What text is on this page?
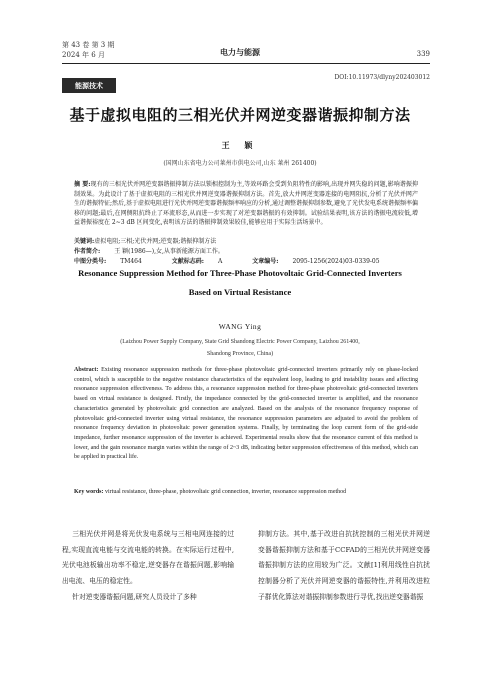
第 43 卷 第 3 期
2024 年 6 月	电力与能源	339
能源技术
DOI:10.11973/dlyny202403012
基于虚拟电阻的三相光伏并网逆变器谐振抑制方法
王 颖
(国网山东省电力公司莱州市供电公司,山东 莱州 261400)
摘 要:现有的三相光伏并网逆变器谐振抑制方法以锁相控制为主,等效环路会受到负阻特性的影响,出现并网失稳的问题,影响谐振抑制效果。为此设计了基于虚拟电阻的三相光伏并网逆变器谐振抑制方法。首先,放大并网逆变器连接的电网阻抗,分析了光伏并网产生的谐振特征;然后,基于虚拟电阻进行光伏并网逆变器谐振频率响应的分析,通过调整谐振抑制参数,避免了光伏发电系统谐振频率偏移的问题;最后,在网侧阻抗终止了环流形态,从而进一步实现了对逆变器谐振的有效抑制。试验结果表明,该方法的谐振电流较低,增益谐振裕度在 2~3 dB 区间变化,表明该方法的谐振抑制效果较佳,能够应用于实际生活场景中。
关键词:虚拟电阻;三相;光伏并网;逆变器;谐振抑制方法
作者简介: 王 颖(1986—),女,从事新能源方面工作。
中图分类号: TM464	文献标志码: A	文章编号: 2095-1256(2024)03-0339-05
Resonance Suppression Method for Three-Phase Photovoltaic Grid-Connected Inverters
Based on Virtual Resistance
WANG Ying
(Laizhou Power Supply Company, State Grid Shandong Electric Power Company, Laizhou 261400,
Shandong Province, China)
Abstract: Existing resonance suppression methods for three-phase photovoltaic grid-connected inverters primarily rely on phase-locked control, which is susceptible to the negative resistance characteristics of the equivalent loop, leading to grid instability issues and affecting resonance suppression effectiveness. To address this, a resonance suppression method for three-phase photovoltaic grid-connected inverters based on virtual resistance is designed. Firstly, the impedance connected by the grid-connected inverter is amplified, and the resonance characteristics generated by photovoltaic grid connection are analyzed. Based on the analysis of the resonance frequency response of photovoltaic grid-connected inverter using virtual resistance, the resonance suppression parameters are adjusted to avoid the problem of resonance frequency deviation in photovoltaic power generation systems. Finally, by terminating the loop current form of the grid-side impedance, further resonance suppression of the inverter is achieved. Experimental results show that the resonance current of this method is lower, and the gain resonance margin varies within the range of 2~3 dB, indicating better suppression effectiveness of this method, which can be applied in practical life.
Key words: virtual resistance, three-phase, photovoltaic grid connection, inverter, resonance suppression method

三相光伏并网是将光伏发电系统与三相电网连接的过程,实现直流电能与交流电能的转换。在实际运行过程中,光伏电池板输出功率不稳定,逆变器存在谐振问题,影响输出电流、电压的稳定性。

针对逆变器谐振问题,研究人员设计了多种

抑制方法。其中,基于改进自抗扰控制的三相光伏并网逆变器谐振抑制方法和基于CCFAD的三相光伏并网逆变器谐振抑制方法的应用较为广泛。文献[1]利用线性自抗扰控制器分析了光伏并网逆变器的谐振特性,并利用改进粒子群优化算法对谐振抑制参数进行寻优,找出逆变器谐振
